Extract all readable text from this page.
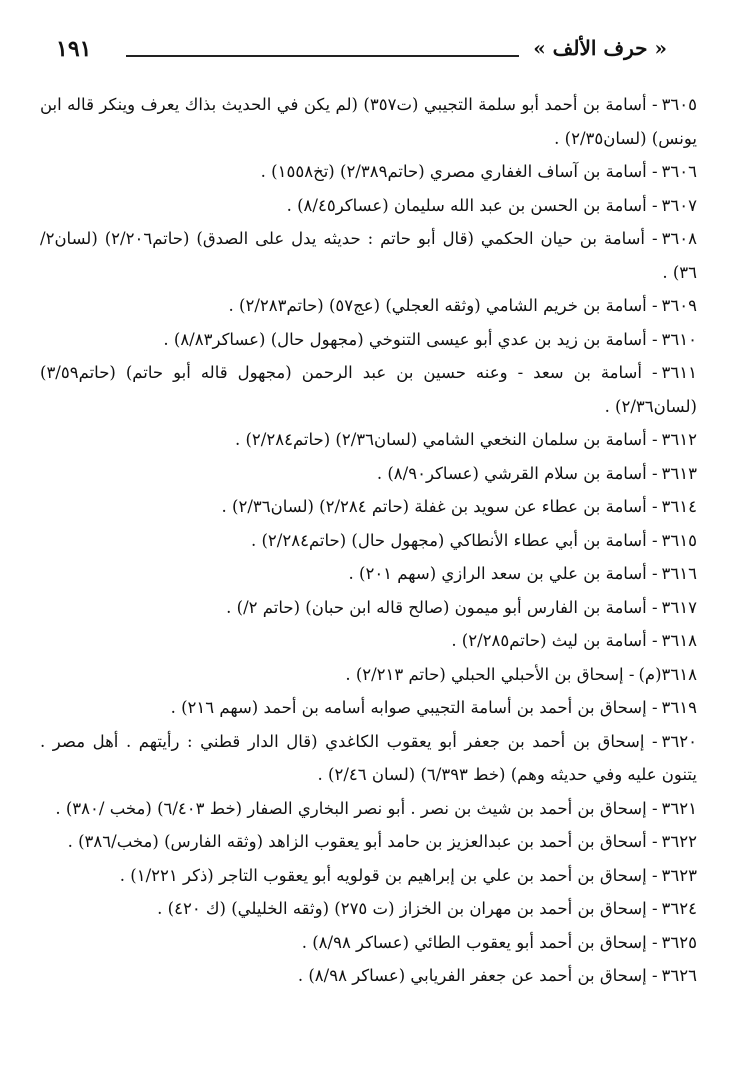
١٩١	« حرف الألف »

٣٦٠٥- أسامة بن أحمد أبو سلمة التجيبي (ت٣٥٧) (لم يكن في الحديث بذاك يعرف وينكر قاله ابن يونس) (لسان٢/٣٥) .

٣٦٠٦- أسامة بن آساف الغفاري مصري (حاتم٢/٣٨٩) (تخ١٥٥٨) .

٣٦٠٧- أسامة بن الحسن بن عبد الله سليمان (عساكر٨/٤٥) .

٣٦٠٨- أسامة بن حيان الحكمي (قال أبو حاتم : حديثه يدل على الصدق) (حاتم٢/٢٠٦) (لسان٢/ ٣٦) .

٣٦٠٩- أسامة بن خريم الشامي (وثقه العجلي) (عج٥٧) (حاتم٢/٢٨٣) .

٣٦١٠- أسامة بن زيد بن عدي أبو عيسى التنوخي (مجهول حال) (عساكر٨/٨٣) .

٣٦١١- أسامة بن سعد - وعنه حسين بن عبد الرحمن (مجهول قاله أبو حاتم) (حاتم٣/٥٩) (لسان٢/٣٦) .

٣٦١٢- أسامة بن سلمان النخعي الشامي (لسان٢/٣٦) (حاتم٢/٢٨٤) .

٣٦١٣- أسامة بن سلام القرشي (عساكر٨/٩٠) .

٣٦١٤- أسامة بن عطاء عن سويد بن غفلة (حاتم ٢/٢٨٤) (لسان٢/٣٦) .

٣٦١٥- أسامة بن أبي عطاء الأنطاكي (مجهول حال) (حاتم٢/٢٨٤) .

٣٦١٦- أسامة بن علي بن سعد الرازي (سهم ٢٠١) .

٣٦١٧- أسامة بن الفارس أبو ميمون (صالح قاله ابن حبان) (حاتم ٢/) .

٣٦١٨- أسامة بن ليث (حاتم٢/٢٨٥) .

٣٦١٨(م)- إسحاق بن الأحبلي الحبلي (حاتم ٢/٢١٣) .

٣٦١٩- إسحاق بن أحمد بن أسامة التجيبي صوابه أسامه بن أحمد (سهم ٢١٦) .

٣٦٢٠- إسحاق بن أحمد بن جعفر أبو يعقوب الكاغدي (قال الدار قطني : رأيتهم . أهل مصر . يتنون عليه وفي حديثه وهم) (خط ٦/٣٩٣) (لسان ٢/٤٦) .

٣٦٢١- إسحاق بن أحمد بن شيث بن نصر . أبو نصر البخاري الصفار (خط ٦/٤٠٣) (مخب /٣٨٠) .

٣٦٢٢- أسحاق بن أحمد بن عبدالعزيز بن حامد أبو يعقوب الزاهد (وثقه الفارس) (مخب/٣٨٦) .

٣٦٢٣- إسحاق بن أحمد بن علي بن إبراهيم بن قولويه أبو يعقوب التاجر (ذكر ١/٢٢١) .

٣٦٢٤- إسحاق بن أحمد بن مهران بن الخزاز (ت ٢٧٥) (وثقه الخليلي) (ك ٤٢٠) .

٣٦٢٥- إسحاق بن أحمد أبو يعقوب الطائي (عساكر ٨/٩٨) .

٣٦٢٦- إسحاق بن أحمد عن جعفر الفريابي (عساكر ٨/٩٨) .
